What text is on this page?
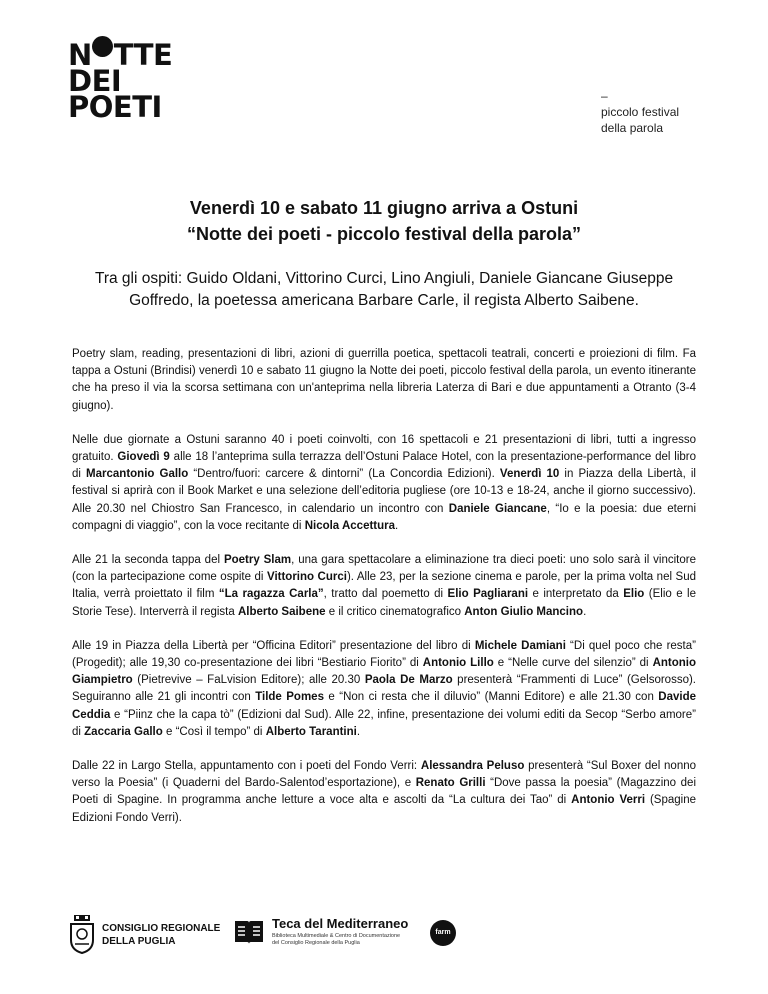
N TTE
DEI
POETI	–
piccolo festival
della parola
Venerdì 10 e sabato 11 giugno arriva a Ostuni
“Notte dei poeti - piccolo festival della parola”
Tra gli ospiti: Guido Oldani, Vittorino Curci, Lino Angiuli, Daniele Giancane Giuseppe Goffredo, la poetessa americana Barbare Carle, il regista Alberto Saibene.

Poetry slam, reading, presentazioni di libri, azioni di guerrilla poetica, spettacoli teatrali, concerti e proiezioni di film. Fa tappa a Ostuni (Brindisi) venerdì 10 e sabato 11 giugno la Notte dei poeti, piccolo festival della parola, un evento itinerante che ha preso il via la scorsa settimana con un'anteprima nella libreria Laterza di Bari e due appuntamenti a Otranto (3-4 giugno).

Nelle due giornate a Ostuni saranno 40 i poeti coinvolti, con 16 spettacoli e 21 presentazioni di libri, tutti a ingresso gratuito. Giovedì 9 alle 18 l’anteprima sulla terrazza dell’Ostuni Palace Hotel, con la presentazione-performance del libro di Marcantonio Gallo “Dentro/fuori: carcere & dintorni” (La Concordia Edizioni). Venerdì 10 in Piazza della Libertà, il festival si aprirà con il Book Market e una selezione dell’editoria pugliese (ore 10-13 e 18-24, anche il giorno successivo). Alle 20.30 nel Chiostro San Francesco, in calendario un incontro con Daniele Giancane, “Io e la poesia: due eterni compagni di viaggio”, con la voce recitante di Nicola Accettura.

Alle 21 la seconda tappa del Poetry Slam, una gara spettacolare a eliminazione tra dieci poeti: uno solo sarà il vincitore (con la partecipazione come ospite di Vittorino Curci). Alle 23, per la sezione cinema e parole, per la prima volta nel Sud Italia, verrà proiettato il film “La ragazza Carla”, tratto dal poemetto di Elio Pagliarani e interpretato da Elio (Elio e le Storie Tese). Interverrà il regista Alberto Saibene e il critico cinematografico Anton Giulio Mancino.

Alle 19 in Piazza della Libertà per “Officina Editori” presentazione del libro di Michele Damiani “Di quel poco che resta” (Progedit); alle 19,30 co-presentazione dei libri “Bestiario Fiorito” di Antonio Lillo e “Nelle curve del silenzio” di Antonio Giampietro (Pietrevive – FaLvision Editore); alle 20.30 Paola De Marzo presenterà “Frammenti di Luce” (Gelsorosso). Seguiranno alle 21 gli incontri con Tilde Pomes e “Non ci resta che il diluvio” (Manni Editore) e alle 21.30 con Davide Ceddia e “Piinz che la capa tò” (Edizioni dal Sud). Alle 22, infine, presentazione dei volumi editi da Secop “Serbo amore” di Zaccaria Gallo e “Così il tempo” di Alberto Tarantini.

Dalle 22 in Largo Stella, appuntamento con i poeti del Fondo Verri: Alessandra Peluso presenterà “Sul Boxer del nonno verso la Poesia” (i Quaderni del Bardo-Salentod’esportazione), e Renato Grilli “Dove passa la poesia” (Magazzino dei Poeti di Spagine. In programma anche letture a voce alta e ascolti da “La cultura dei Tao” di Antonio Verri (Spagine Edizioni Fondo Verri).

CONSIGLIO REGIONALE
DELLA PUGLIA
Teca del Mediterraneo
Biblioteca Multimediale & Centro di Documentazione
del Consiglio Regionale della Puglia
farm
